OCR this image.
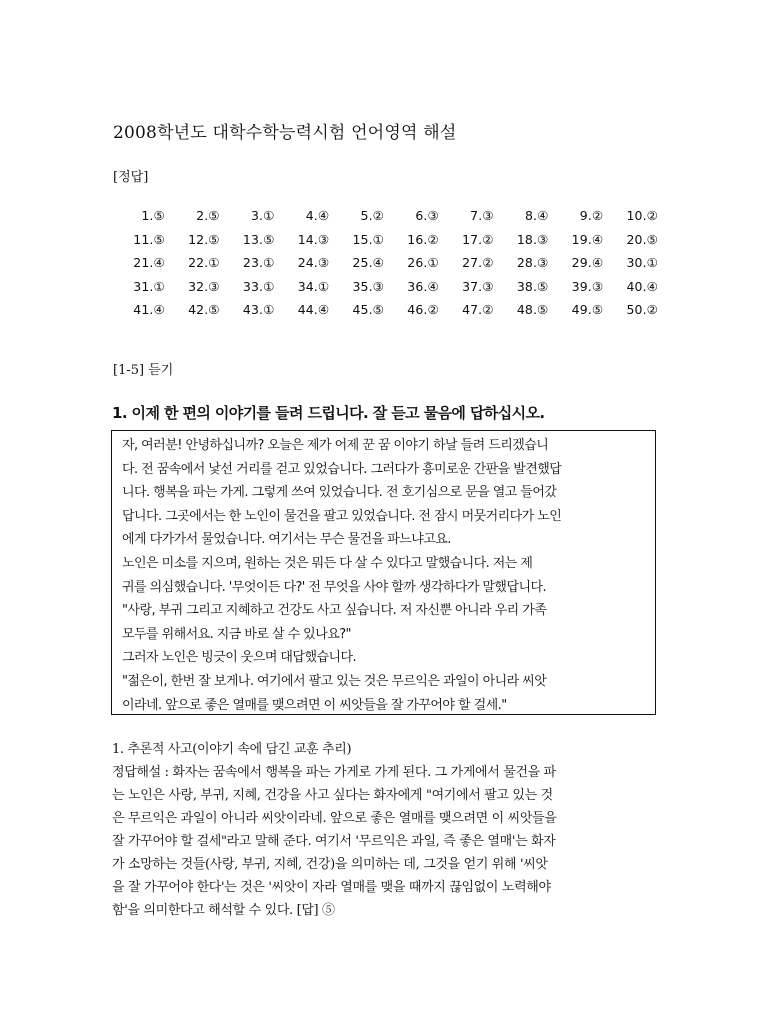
2008학년도 대학수학능력시험 언어영역 해설
[정답]
1.⑤	2.⑤	3.①	4.④	5.②	6.③	7.③	8.④	9.②	10.②
11.⑤	12.⑤	13.⑤	14.③	15.①	16.②	17.②	18.③	19.④	20.⑤
21.④	22.①	23.①	24.③	25.④	26.①	27.②	28.③	29.④	30.①
31.①	32.③	33.①	34.①	35.③	36.④	37.③	38.⑤	39.③	40.④
41.④	42.⑤	43.①	44.④	45.⑤	46.②	47.②	48.⑤	49.⑤	50.②
[1-5] 듣기
1. 이제 한 편의 이야기를 들려 드립니다. 잘 듣고 물음에 답하십시오.
자, 여러분! 안녕하십니까? 오늘은 제가 어제 꾼 꿈 이야기 하날 들려 드리겠습니
다. 전 꿈속에서 낯선 거리를 걷고 있었습니다. 그러다가 흥미로운 간판을 발견했답
니다. 행복을 파는 가게. 그렇게 쓰여 있었습니다. 전 호기심으로 문을 열고 들어갔
답니다. 그곳에서는 한 노인이 물건을 팔고 있었습니다. 전 잠시 머뭇거리다가 노인
에게 다가가서 물었습니다. 여기서는 무슨 물건을 파느냐고요.
노인은 미소를 지으며, 원하는 것은 뭐든 다 살 수 있다고 말했습니다. 저는 제
귀를 의심했습니다. '무엇이든 다?' 전 무엇을 사야 할까 생각하다가 말했답니다.
"사랑, 부귀 그리고 지혜하고 건강도 사고 싶습니다. 저 자신뿐 아니라 우리 가족
모두를 위해서요. 지금 바로 살 수 있나요?"
그러자 노인은 빙긋이 웃으며 대답했습니다.
"젊은이, 한번 잘 보게나. 여기에서 팔고 있는 것은 무르익은 과일이 아니라 씨앗
이라네. 앞으로 좋은 열매를 맺으려면 이 씨앗들을 잘 가꾸어야 할 걸세."
1. 추론적 사고(이야기 속에 담긴 교훈 추리)
정답해설 : 화자는 꿈속에서 행복을 파는 가게로 가게 된다. 그 가게에서 물건을 파
는 노인은 사랑, 부귀, 지혜, 건강을 사고 싶다는 화자에게 "여기에서 팔고 있는 것
은 무르익은 과일이 아니라 씨앗이라네. 앞으로 좋은 열매를 맺으려면 이 씨앗들을
잘 가꾸어야 할 걸세"라고 말해 준다. 여기서 '무르익은 과일, 즉 좋은 열매'는 화자
가 소망하는 것들(사랑, 부귀, 지혜, 건강)을 의미하는 데, 그것을 얻기 위해 '씨앗
을 잘 가꾸어야 한다'는 것은 '씨앗이 자라 열매를 맺을 때까지 끊임없이 노력해야
함'을 의미한다고 해석할 수 있다. [답] ⑤
